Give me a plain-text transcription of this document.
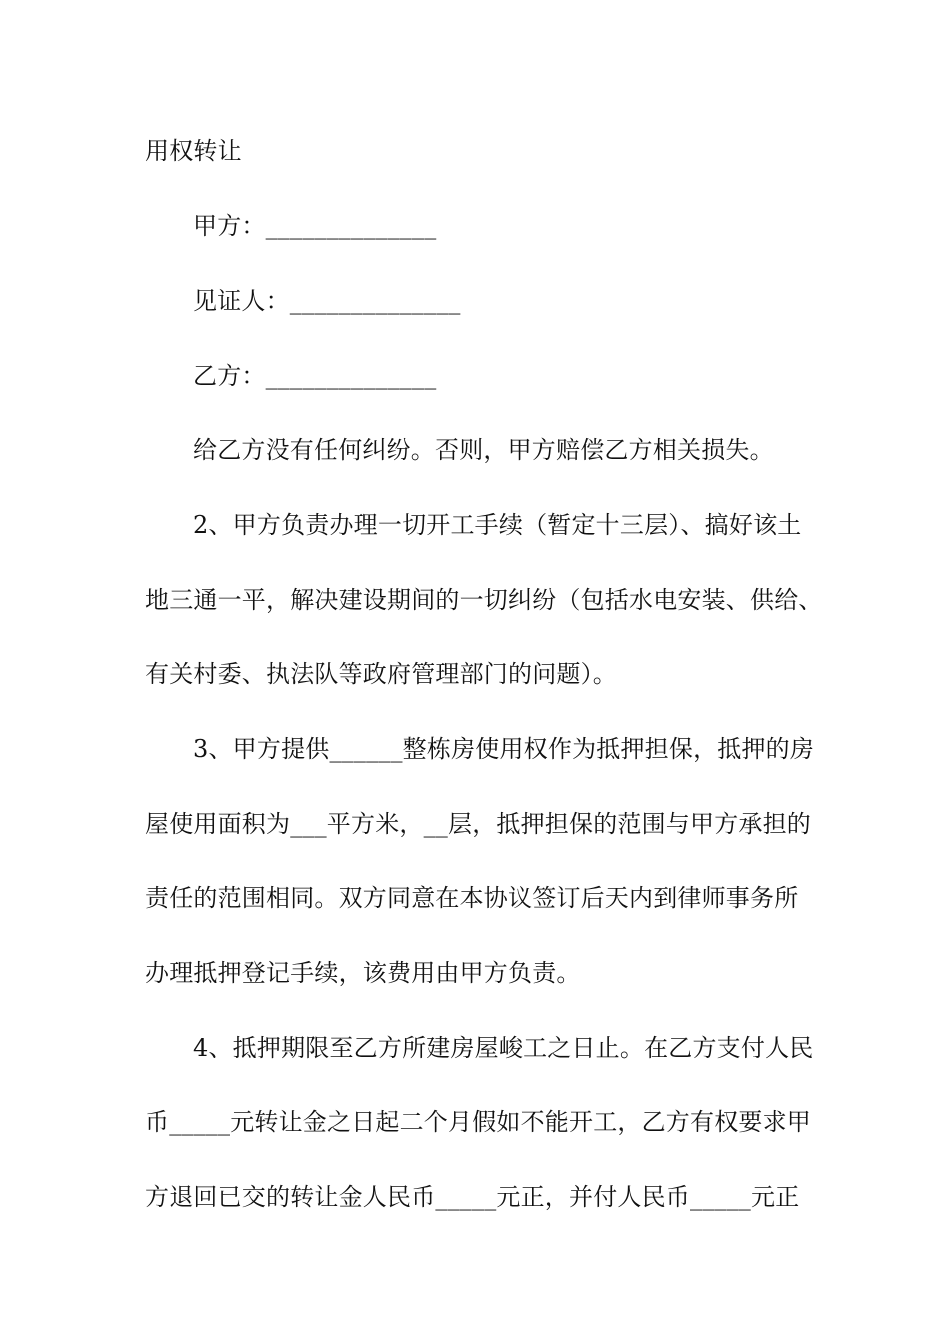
用权转让
甲方：______________
见证人：______________
乙方：______________
给乙方没有任何纠纷。否则，甲方赔偿乙方相关损失。
2、甲方负责办理一切开工手续（暂定十三层）、搞好该土
地三通一平，解决建设期间的一切纠纷（包括水电安装、供给、
有关村委、执法队等政府管理部门的问题）。
3、甲方提供______整栋房使用权作为抵押担保，抵押的房
屋使用面积为___平方米，__层，抵押担保的范围与甲方承担的
责任的范围相同。双方同意在本协议签订后天内到律师事务所
办理抵押登记手续，该费用由甲方负责。
4、抵押期限至乙方所建房屋峻工之日止。在乙方支付人民
币_____元转让金之日起二个月假如不能开工，乙方有权要求甲
方退回已交的转让金人民币_____元正，并付人民币_____元正
